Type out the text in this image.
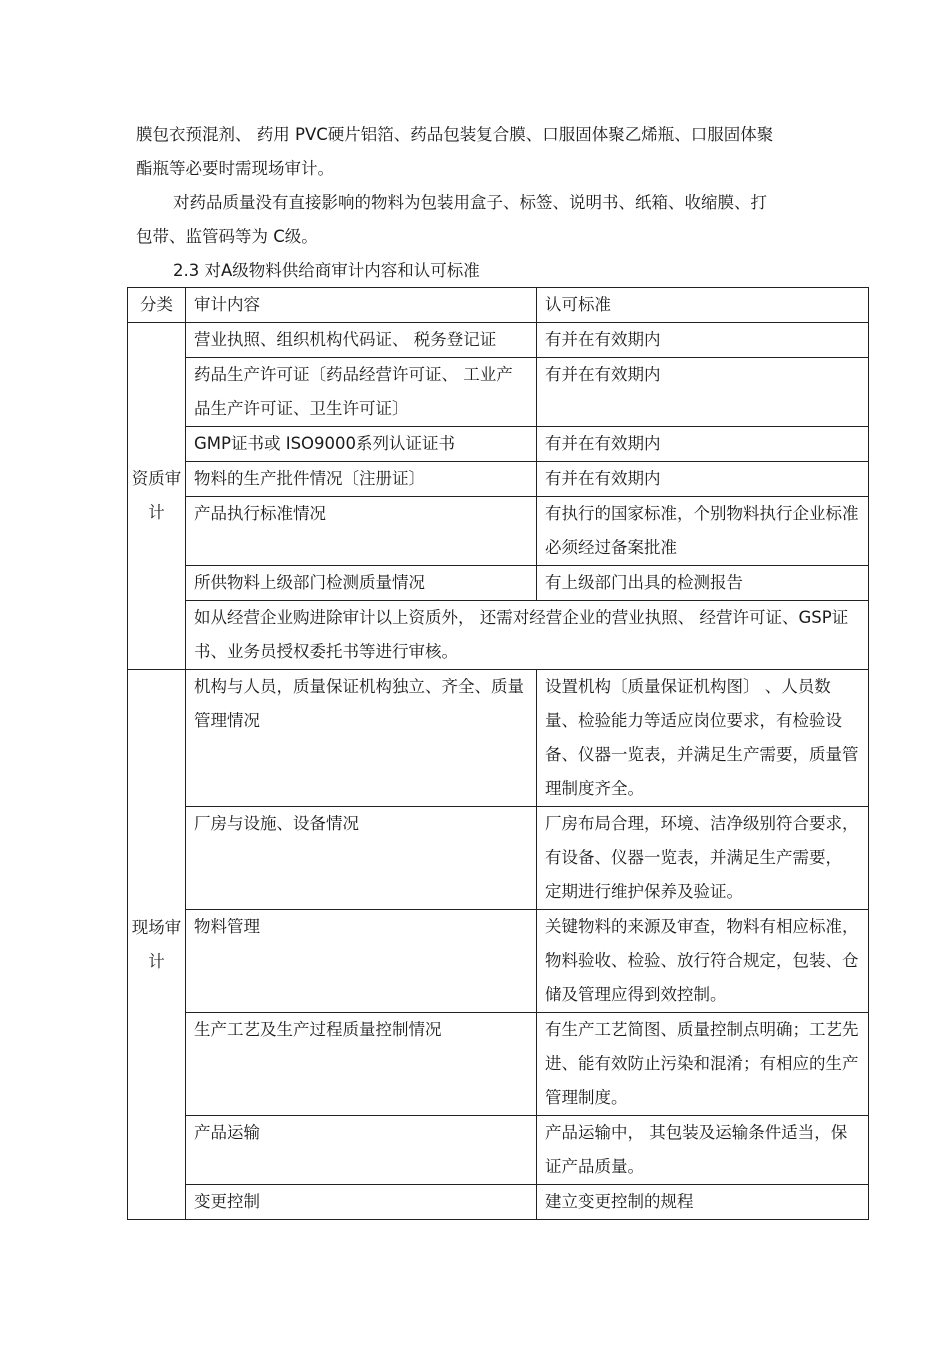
膜包衣预混剂、 药用 PVC硬片铝箔、药品包装复合膜、口服固体聚乙烯瓶、口服固体聚
酯瓶等必要时需现场审计。
对药品质量没有直接影响的物料为包装用盒子、标签、说明书、纸箱、收缩膜、打
包带、监管码等为 C级。
2.3 对A级物料供给商审计内容和认可标准
分类	审计内容	认可标准
资质审计	营业执照、组织机构代码证、 税务登记证	有并在有效期内
	药品生产许可证〔药品经营许可证、 工业产品生产许可证、卫生许可证〕	有并在有效期内
	GMP证书或 ISO9000系列认证证书	有并在有效期内
	物料的生产批件情况〔注册证〕	有并在有效期内
	产品执行标准情况	有执行的国家标准，个别物料执行企业标准必须经过备案批准
	所供物料上级部门检测质量情况	有上级部门出具的检测报告
	如从经营企业购进除审计以上资质外， 还需对经营企业的营业执照、 经营许可证、GSP证书、业务员授权委托书等进行审核。	
现场审计	机构与人员，质量保证机构独立、齐全、质量管理情况	设置机构〔质量保证机构图〕 、人员数量、检验能力等适应岗位要求，有检验设备、仪器一览表，并满足生产需要，质量管理制度齐全。
	厂房与设施、设备情况	厂房布局合理，环境、洁净级别符合要求，有设备、仪器一览表，并满足生产需要， 定期进行维护保养及验证。
	物料管理	关键物料的来源及审查，物料有相应标准，物料验收、检验、放行符合规定，包装、仓储及管理应得到效控制。
	生产工艺及生产过程质量控制情况	有生产工艺简图、质量控制点明确；工艺先进、能有效防止污染和混淆；有相应的生产管理制度。
	产品运输	产品运输中， 其包装及运输条件适当，保证产品质量。
	变更控制	建立变更控制的规程
